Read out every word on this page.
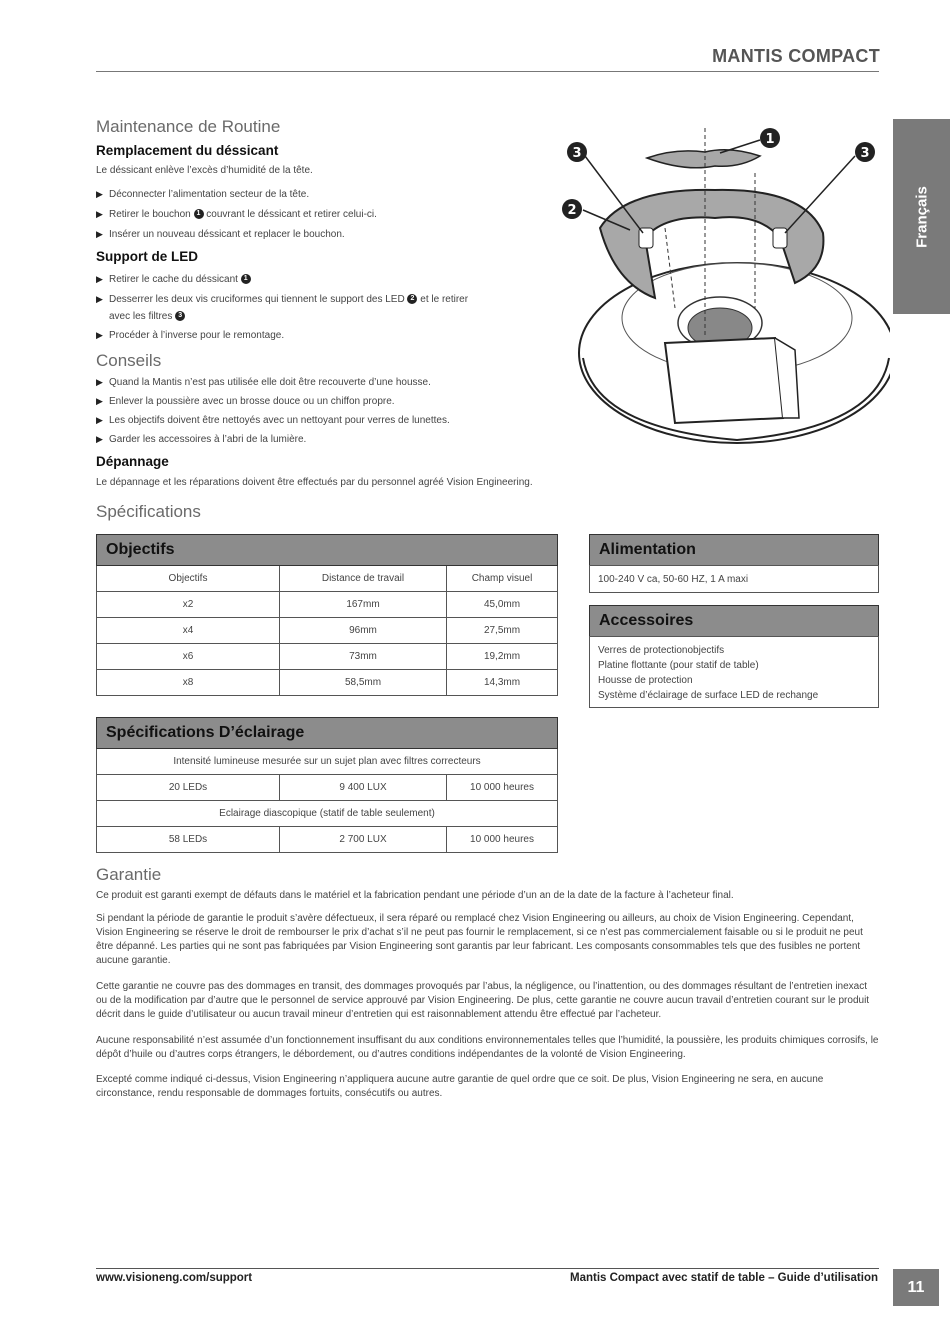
MANTIS COMPACT
Français
Maintenance de Routine
Remplacement du déssicant
Le déssicant enlève l’excès d’humidité de la tête.
▶ Déconnecter l’alimentation secteur de la tête.
▶ Retirer le bouchon 1 couvrant le déssicant et retirer celui-ci.
▶ Insérer un nouveau déssicant et replacer le bouchon.
Support de LED
▶ Retirer le cache du déssicant 1
▶ Desserrer les deux vis cruciformes qui tiennent le support des LED 2 et le retirer
avec les filtres 3
▶ Procéder à l’inverse pour le remontage.
Conseils
▶ Quand la Mantis n’est pas utilisée elle doit être recouverte d’une housse.
▶ Enlever la poussière avec un brosse douce ou un chiffon propre.
▶ Les objectifs doivent être nettoyés avec un nettoyant pour verres de lunettes.
▶ Garder les accessoires à l’abri de la lumière.
Dépannage
Le dépannage et les réparations doivent être effectués par du personnel agréé Vision Engineering.
1
2
3	3
Spécifications
Objectifs		
Objectifs	Distance de travail	Champ visuel
x2	167mm	45,0mm
x4	96mm	27,5mm
x6	73mm	19,2mm
x8	58,5mm	14,3mm
Alimentation
100-240 V ca, 50-60 HZ, 1 A maxi
Accessoires
Verres de protectionobjectifs
Platine flottante (pour statif de table)
Housse de protection
Système d’éclairage de surface LED de rechange
Spécifications D’éclairage		
Intensité lumineuse mesurée sur un sujet plan avec filtres correcteurs		
20 LEDs	9 400 LUX	10 000 heures
Eclairage diascopique (statif de table seulement)		
58 LEDs	2 700 LUX	10 000 heures
Garantie
Ce produit est garanti exempt de défauts dans le matériel et la fabrication pendant une période d’un an de la date de la facture à l’acheteur final.
Si pendant la période de garantie le produit s’avère défectueux, il sera réparé ou remplacé chez Vision Engineering ou ailleurs, au choix de Vision Engineering. Cependant, Vision Engineering se réserve le droit de rembourser le prix d’achat s’il ne peut pas fournir le remplacement, si ce n’est pas commercialement faisable ou si le produit ne peut être dépanné. Les parties qui ne sont pas fabriquées par Vision Engineering sont garantis par leur fabricant. Les composants consommables tels que des fusibles ne portent aucune garantie.
Cette garantie ne couvre pas des dommages en transit, des dommages provoqués par l’abus, la négligence, ou l’inattention, ou des dommages résultant de l’entretien inexact ou de la modification par d’autre que le personnel de service approuvé par Vision Engineering. De plus, cette garantie ne couvre aucun travail d’entretien courant sur le produit décrit dans le guide d’utilisateur ou aucun travail mineur d’entretien qui est raisonnablement attendu être effectué par l’acheteur.
Aucune responsabilité n’est assumée d’un fonctionnement insuffisant du aux conditions environnementales telles que l’humidité, la poussière, les produits chimiques corrosifs, le dépôt d’huile ou d’autres corps étrangers, le débordement, ou d’autres conditions indépendantes de la volonté de Vision Engineering.
Excepté comme indiqué ci-dessus, Vision Engineering n’appliquera aucune autre garantie de quel ordre que ce soit. De plus, Vision Engineering ne sera, en aucune circonstance, rendu responsable de dommages fortuits, consécutifs ou autres.
www.visioneng.com/support	Mantis Compact avec statif de table – Guide d’utilisation
11
